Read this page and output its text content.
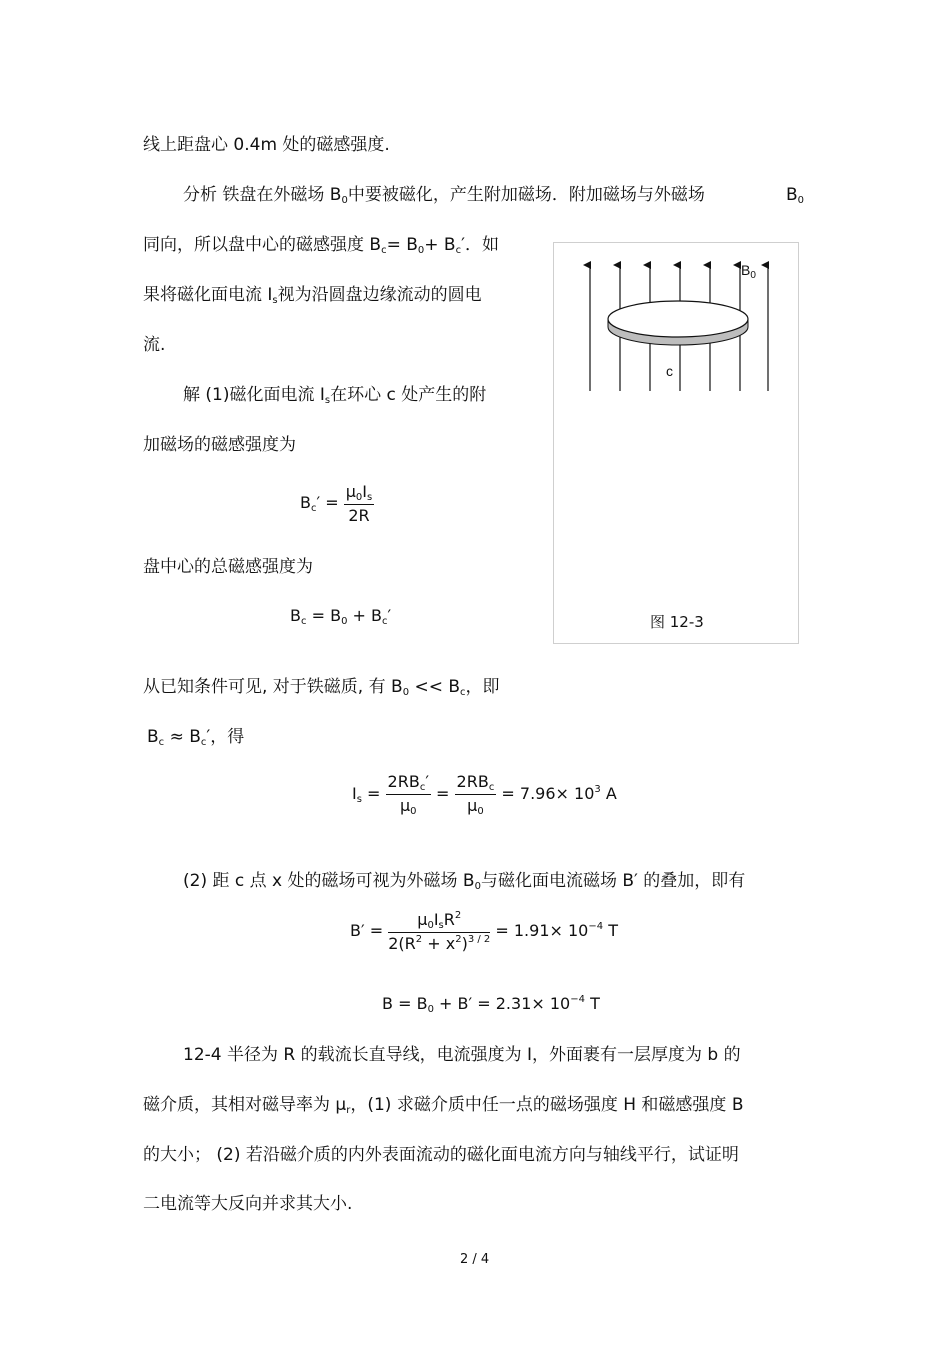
线上距盘心 0.4m 处的磁感强度.
分析 铁盘在外磁场 $B_0$中要被磁化，产生附加磁场．附加磁场与外磁场	$B_0$
同向，所以盘中心的磁感强度 $B_c= B_0+ B_c'$．如
果将磁化面电流 $I_s$视为沿圆盘边缘流动的圆电
流.
解 (1)磁化面电流 $I_s$在环心 c 处产生的附
加磁场的磁感强度为
$B_c' = \frac{\mu_0I_s}{2R}$
盘中心的总磁感强度为
$B_c = B_0 + B_c'$
从已知条件可见, 对于铁磁质, 有 $B_0 << B_c$，即
$B_c \approx B_c'$，得
$I_s = \frac{2RB_c'}{\mu_0} = \frac{2RB_c}{\mu_0} = 7.96\times 10^3$ A
(2) 距 c 点 x 处的磁场可视为外磁场 $B_0$与磁化面电流磁场 B′ 的叠加，即有
$B' = \frac{\mu_0I_sR^2}{2(R^2 + x^2)^{3 / 2}} = 1.91\times 10^{-4}$ T
$B = B_0 + B' = 2.31\times 10^{-4}$ T
12-4 半径为 R 的载流长直导线，电流强度为 I，外面裹有一层厚度为 b 的
磁介质，其相对磁导率为 $\mu_r$，(1) 求磁介质中任一点的磁场强度 H 和磁感强度 B
的大小； (2) 若沿磁介质的内外表面流动的磁化面电流方向与轴线平行，试证明
二电流等大反向并求其大小.
$B_0$
c
图 12-3
2 / 4
